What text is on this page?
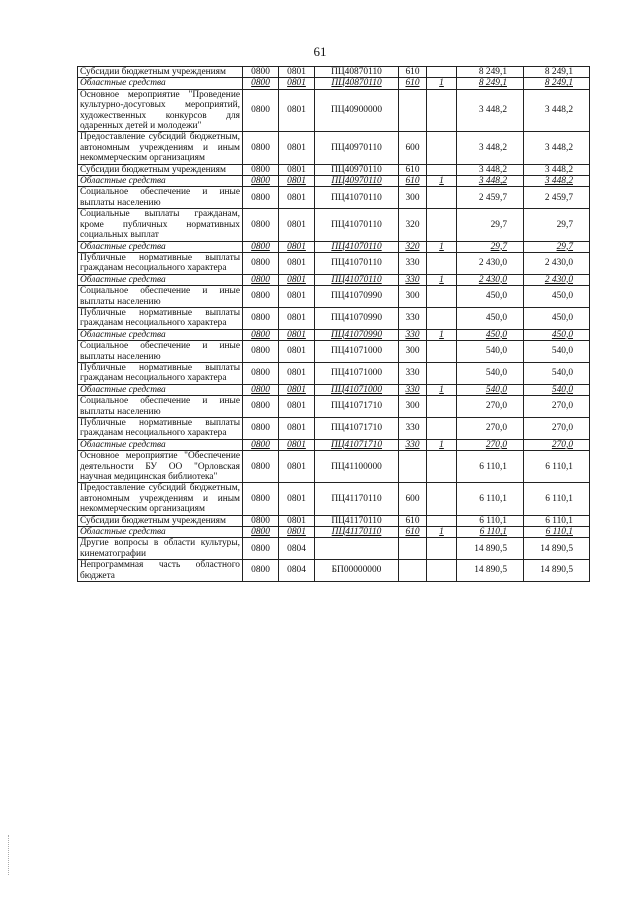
61
Субсидии бюджетным учреждениям	0800	0801	ПЦ40870110	610		8 249,1	8 249,1
Областные средства	0800	0801	ПЦ40870110	610	1	8 249,1	8 249,1
Основное мероприятие "Проведение культурно-досуговых мероприятий, художественных конкурсов для одаренных детей и молодежи"	0800	0801	ПЦ40900000			3 448,2	3 448,2
Предоставление субсидий бюджетным, автономным учреждениям и иным некоммерческим организациям	0800	0801	ПЦ40970110	600		3 448,2	3 448,2
Субсидии бюджетным учреждениям	0800	0801	ПЦ40970110	610		3 448,2	3 448,2
Областные средства	0800	0801	ПЦ40970110	610	1	3 448,2	3 448,2
Социальное обеспечение и иные выплаты населению	0800	0801	ПЦ41070110	300		2 459,7	2 459,7
Социальные выплаты гражданам, кроме публичных нормативных социальных выплат	0800	0801	ПЦ41070110	320		29,7	29,7
Областные средства	0800	0801	ПЦ41070110	320	1	29,7	29,7
Публичные нормативные выплаты гражданам несоциального характера	0800	0801	ПЦ41070110	330		2 430,0	2 430,0
Областные средства	0800	0801	ПЦ41070110	330	1	2 430,0	2 430,0
Социальное обеспечение и иные выплаты населению	0800	0801	ПЦ41070990	300		450,0	450,0
Публичные нормативные выплаты гражданам несоциального характера	0800	0801	ПЦ41070990	330		450,0	450,0
Областные средства	0800	0801	ПЦ41070990	330	1	450,0	450,0
Социальное обеспечение и иные выплаты населению	0800	0801	ПЦ41071000	300		540,0	540,0
Публичные нормативные выплаты гражданам несоциального характера	0800	0801	ПЦ41071000	330		540,0	540,0
Областные средства	0800	0801	ПЦ41071000	330	1	540,0	540,0
Социальное обеспечение и иные выплаты населению	0800	0801	ПЦ41071710	300		270,0	270,0
Публичные нормативные выплаты гражданам несоциального характера	0800	0801	ПЦ41071710	330		270,0	270,0
Областные средства	0800	0801	ПЦ41071710	330	1	270,0	270,0
Основное мероприятие "Обеспечение деятельности БУ ОО "Орловская научная медицинская библиотека"	0800	0801	ПЦ41100000			6 110,1	6 110,1
Предоставление субсидий бюджетным, автономным учреждениям и иным некоммерческим организациям	0800	0801	ПЦ41170110	600		6 110,1	6 110,1
Субсидии бюджетным учреждениям	0800	0801	ПЦ41170110	610		6 110,1	6 110,1
Областные средства	0800	0801	ПЦ41170110	610	1	6 110,1	6 110,1
Другие вопросы в области культуры, кинематографии	0800	0804				14 890,5	14 890,5
Непрограммная часть областного бюджета	0800	0804	БП00000000			14 890,5	14 890,5
